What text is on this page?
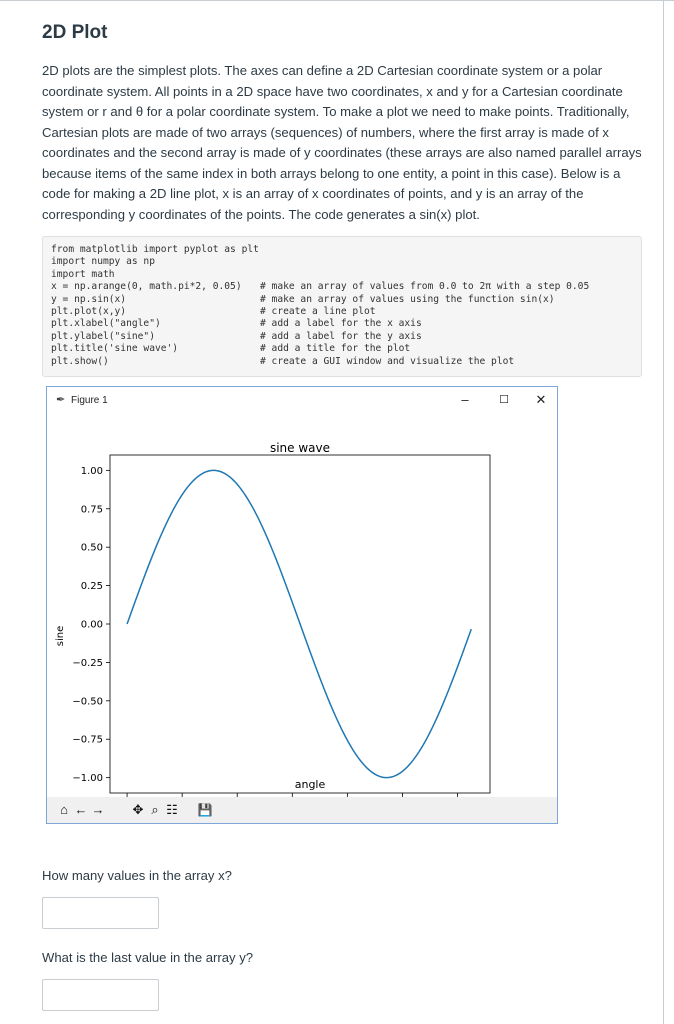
2D Plot

2D plots are the simplest plots. The axes can define a 2D Cartesian coordinate system or a polar coordinate system. All points in a 2D space have two coordinates, x and y for a Cartesian coordinate system or r and θ for a polar coordinate system. To make a plot we need to make points. Traditionally, Cartesian plots are made of two arrays (sequences) of numbers, where the first array is made of x coordinates and the second array is made of y coordinates (these arrays are also named parallel arrays because items of the same index in both arrays belong to one entity, a point in this case). Below is a code for making a 2D line plot, x is an array of x coordinates of points, and y is an array of the corresponding y coordinates of the points. The code generates a sin(x) plot.

from matplotlib import pyplot as plt
import numpy as np
import math
x = np.arange(0, math.pi*2, 0.05) # make an array of values from 0.0 to 2π with a step 0.05
y = np.sin(x)	# make an array of values using the function sin(x)
plt.plot(x,y)	# create a line plot
plt.xlabel("angle")	# add a label for the x axis
plt.ylabel("sine")	# add a label for the y axis
plt.title('sine wave')	# add a title for the plot
plt.show()	# create a GUI window and visualize the plot
✒ Figure 1	–	☐	✕
sine wave
angle
sine
1.00
0.75
0.50
0.25
0.00
−0.25
−0.50
−0.75
−1.00
⌂ ← → ✥ ⌕ ☷ 💾

How many values in the array x?

What is the last value in the array y?
